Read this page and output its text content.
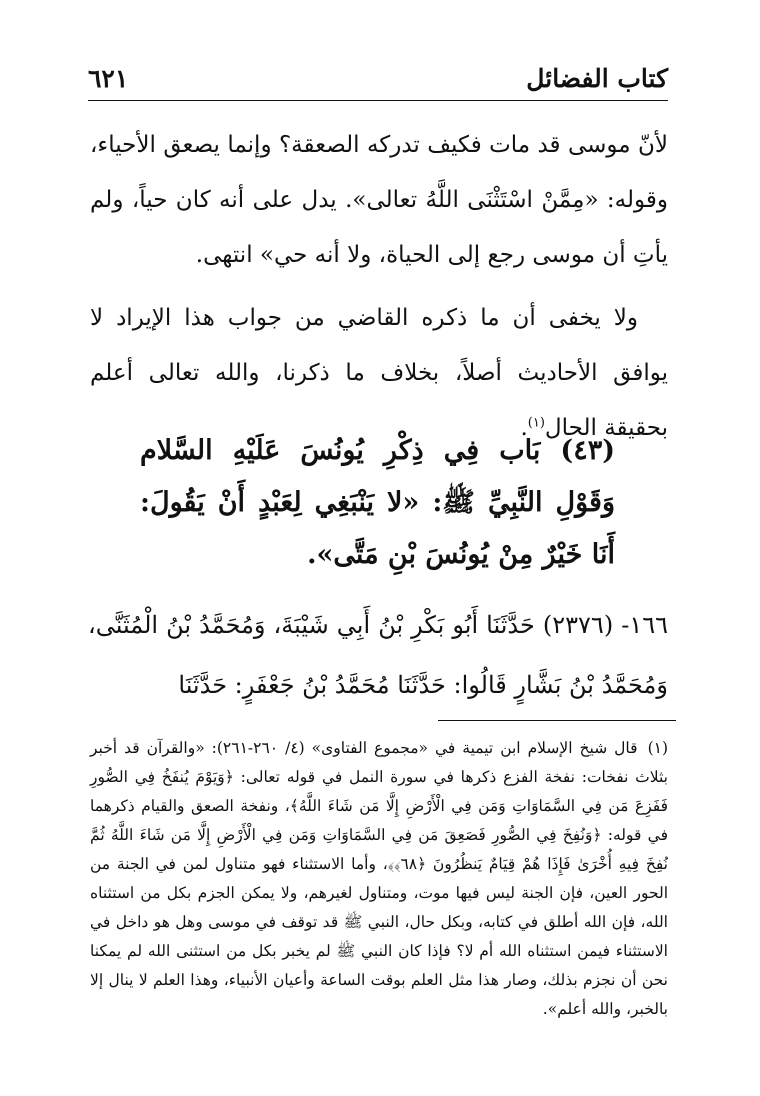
كتاب الفضائل
٦٢١

لأنّ موسى قد مات فكيف تدركه الصعقة؟ وإنما يصعق الأحياء، وقوله: «مِمَّنْ اسْتَثْنَى اللَّهُ تعالى». يدل على أنه كان حياً، ولم يأتِ أن موسى رجع إلى الحياة، ولا أنه حي» انتهى.

ولا يخفى أن ما ذكره القاضي من جواب هذا الإيراد لا يوافق الأحاديث أصلاً، بخلاف ما ذكرنا، والله تعالى أعلم بحقيقة الحال$^{(١)}$.

(٤٣) بَاب فِي ذِكْرِ يُونُسَ عَلَيْهِ السَّلام وَقَوْلِ النَّبِيِّ ﷺ: «لا يَنْبَغِي لِعَبْدٍ أَنْ يَقُولَ: أَنَا خَيْرٌ مِنْ يُونُسَ بْنِ مَتَّى».
١٦٦- (٢٣٧٦) حَدَّثَنَا أَبُو بَكْرِ بْنُ أَبِي شَيْبَةَ، وَمُحَمَّدُ بْنُ الْمُثَنَّى، وَمُحَمَّدُ بْنُ بَشَّارٍ قَالُوا: حَدَّثَنَا مُحَمَّدُ بْنُ جَعْفَرٍ: حَدَّثَنَا
(١)قال شيخ الإسلام ابن تيمية في «مجموع الفتاوى» (٤/ ٢٦٠-٢٦١): «والقرآن قد أخبر بثلاث نفخات: نفخة الفزع ذكرها في سورة النمل في قوله تعالى: ﴿وَيَوْمَ يُنفَخُ فِي الصُّورِ فَفَزِعَ مَن فِي السَّمَاوَاتِ وَمَن فِي الْأَرْضِ إِلَّا مَن شَاءَ اللَّهُ﴾، ونفخة الصعق والقيام ذكرهما في قوله: ﴿وَنُفِخَ فِي الصُّورِ فَصَعِقَ مَن فِي السَّمَاوَاتِ وَمَن فِي الْأَرْضِ إِلَّا مَن شَاءَ اللَّهُ ثُمَّ نُفِخَ فِيهِ أُخْرَىٰ فَإِذَا هُمْ قِيَامٌ يَنظُرُونَ ﴿٦٨﴾﴾، وأما الاستثناء فهو متناول لمن في الجنة من الحور العين، فإن الجنة ليس فيها موت، ومتناول لغيرهم، ولا يمكن الجزم بكل من استثناه الله، فإن الله أطلق في كتابه، وبكل حال، النبي ﷺ قد توقف في موسى وهل هو داخل في الاستثناء فيمن استثناه الله أم لا؟ فإذا كان النبي ﷺ لم يخبر بكل من استثنى الله لم يمكنا نحن أن نجزم بذلك، وصار هذا مثل العلم بوقت الساعة وأعيان الأنبياء، وهذا العلم لا ينال إلا بالخبر، والله أعلم».
